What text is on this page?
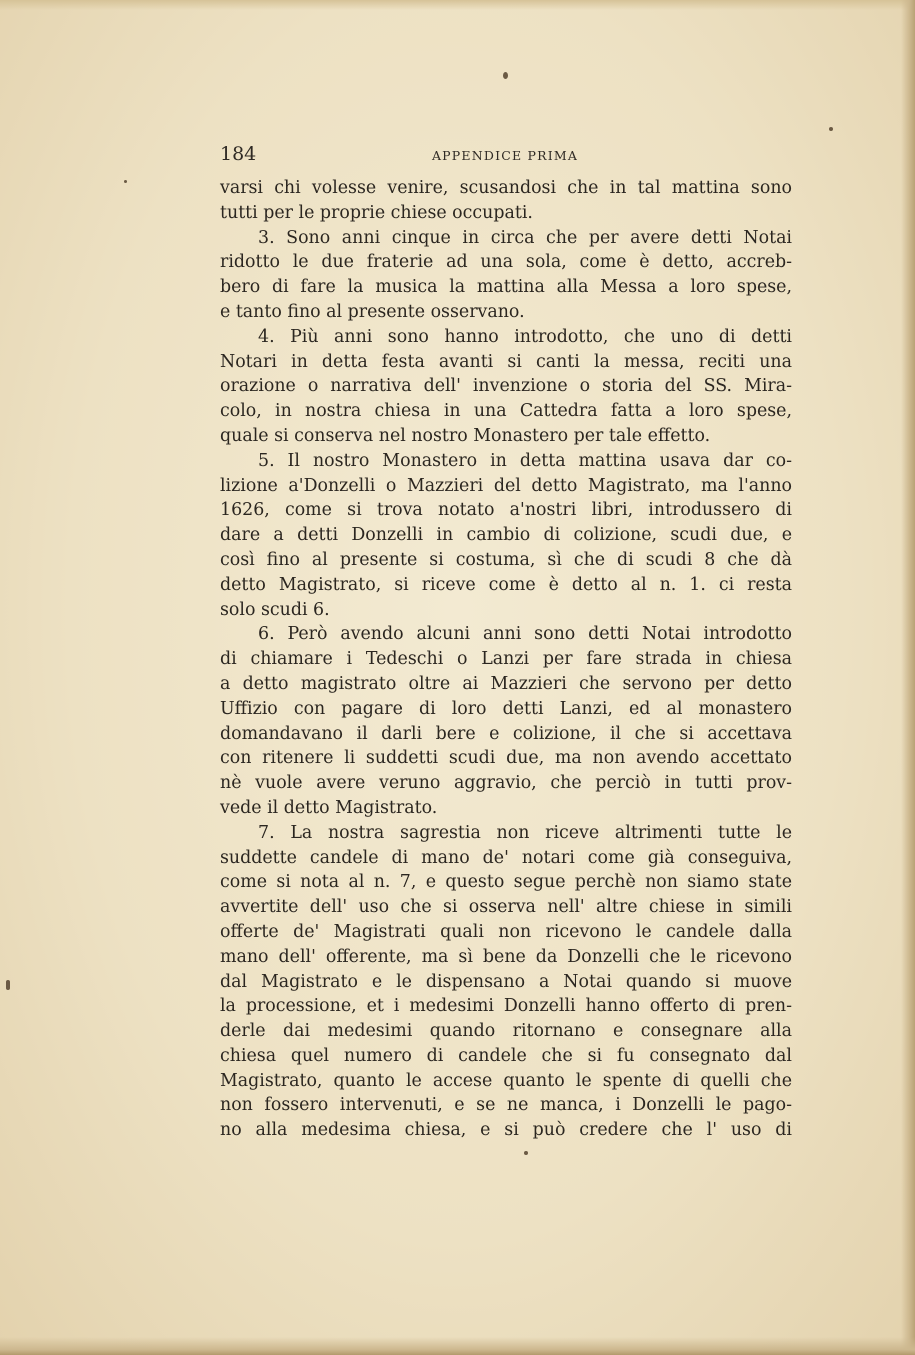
184	APPENDICE PRIMA
varsi chi volesse venire, scusandosi che in tal mattina sono
tutti per le proprie chiese occupati.
3. Sono anni cinque in circa che per avere detti Notai
ridotto le due fraterie ad una sola, come è detto, accreb-
bero di fare la musica la mattina alla Messa a loro spese,
e tanto fino al presente osservano.
4. Più anni sono hanno introdotto, che uno di detti
Notari in detta festa avanti si canti la messa, reciti una
orazione o narrativa dell' invenzione o storia del SS. Mira-
colo, in nostra chiesa in una Cattedra fatta a loro spese,
quale si conserva nel nostro Monastero per tale effetto.
5. Il nostro Monastero in detta mattina usava dar co-
lizione a'Donzelli o Mazzieri del detto Magistrato, ma l'anno
1626, come si trova notato a'nostri libri, introdussero di
dare a detti Donzelli in cambio di colizione, scudi due, e
così fino al presente si costuma, sì che di scudi 8 che dà
detto Magistrato, si riceve come è detto al n. 1. ci resta
solo scudi 6.
6. Però avendo alcuni anni sono detti Notai introdotto
di chiamare i Tedeschi o Lanzi per fare strada in chiesa
a detto magistrato oltre ai Mazzieri che servono per detto
Uffizio con pagare di loro detti Lanzi, ed al monastero
domandavano il darli bere e colizione, il che si accettava
con ritenere li suddetti scudi due, ma non avendo accettato
nè vuole avere veruno aggravio, che perciò in tutti prov-
vede il detto Magistrato.
7. La nostra sagrestia non riceve altrimenti tutte le
suddette candele di mano de' notari come già conseguiva,
come si nota al n. 7, e questo segue perchè non siamo state
avvertite dell' uso che si osserva nell' altre chiese in simili
offerte de' Magistrati quali non ricevono le candele dalla
mano dell' offerente, ma sì bene da Donzelli che le ricevono
dal Magistrato e le dispensano a Notai quando si muove
la processione, et i medesimi Donzelli hanno offerto di pren-
derle dai medesimi quando ritornano e consegnare alla
chiesa quel numero di candele che si fu consegnato dal
Magistrato, quanto le accese quanto le spente di quelli che
non fossero intervenuti, e se ne manca, i Donzelli le pago-
no alla medesima chiesa, e si può credere che l' uso di
